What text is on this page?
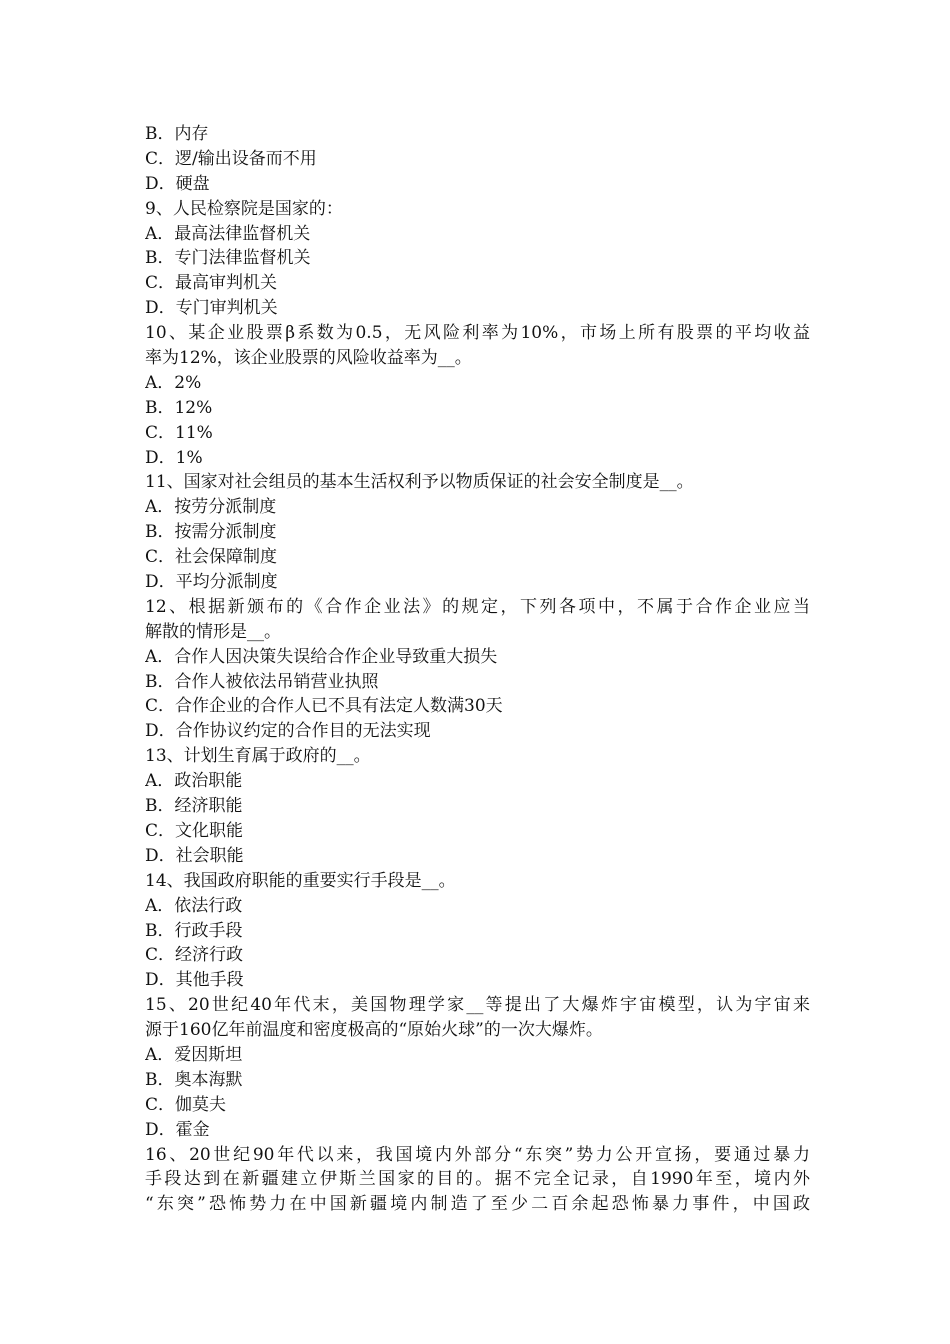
B．内存
C．逻/输出设备而不用
D．硬盘
9、人民检察院是国家的：
A．最高法律监督机关
B．专门法律监督机关
C．最高审判机关
D．专门审判机关
10、某企业股票β系数为0.5，无风险利率为10%，市场上所有股票的平均收益
率为12%，该企业股票的风险收益率为__。
A．2%
B．12%
C．11%
D．1%
11、国家对社会组员的基本生活权利予以物质保证的社会安全制度是__。
A．按劳分派制度
B．按需分派制度
C．社会保障制度
D．平均分派制度
12、根据新颁布的《合作企业法》的规定，下列各项中，不属于合作企业应当
解散的情形是__。
A．合作人因决策失误给合作企业导致重大损失
B．合作人被依法吊销营业执照
C．合作企业的合作人已不具有法定人数满30天
D．合作协议约定的合作目的无法实现
13、计划生育属于政府的__。
A．政治职能
B．经济职能
C．文化职能
D．社会职能
14、我国政府职能的重要实行手段是__。
A．依法行政
B．行政手段
C．经济行政
D．其他手段
15、20世纪40年代末，美国物理学家__等提出了大爆炸宇宙模型，认为宇宙来
源于160亿年前温度和密度极高的“原始火球”的一次大爆炸。
A．爱因斯坦
B．奥本海默
C．伽莫夫
D．霍金
16、20世纪90年代以来，我国境内外部分“东突”势力公开宣扬，要通过暴力
手段达到在新疆建立伊斯兰国家的目的。据不完全记录，自1990年至，境内外
“东突”恐怖势力在中国新疆境内制造了至少二百余起恐怖暴力事件，中国政
